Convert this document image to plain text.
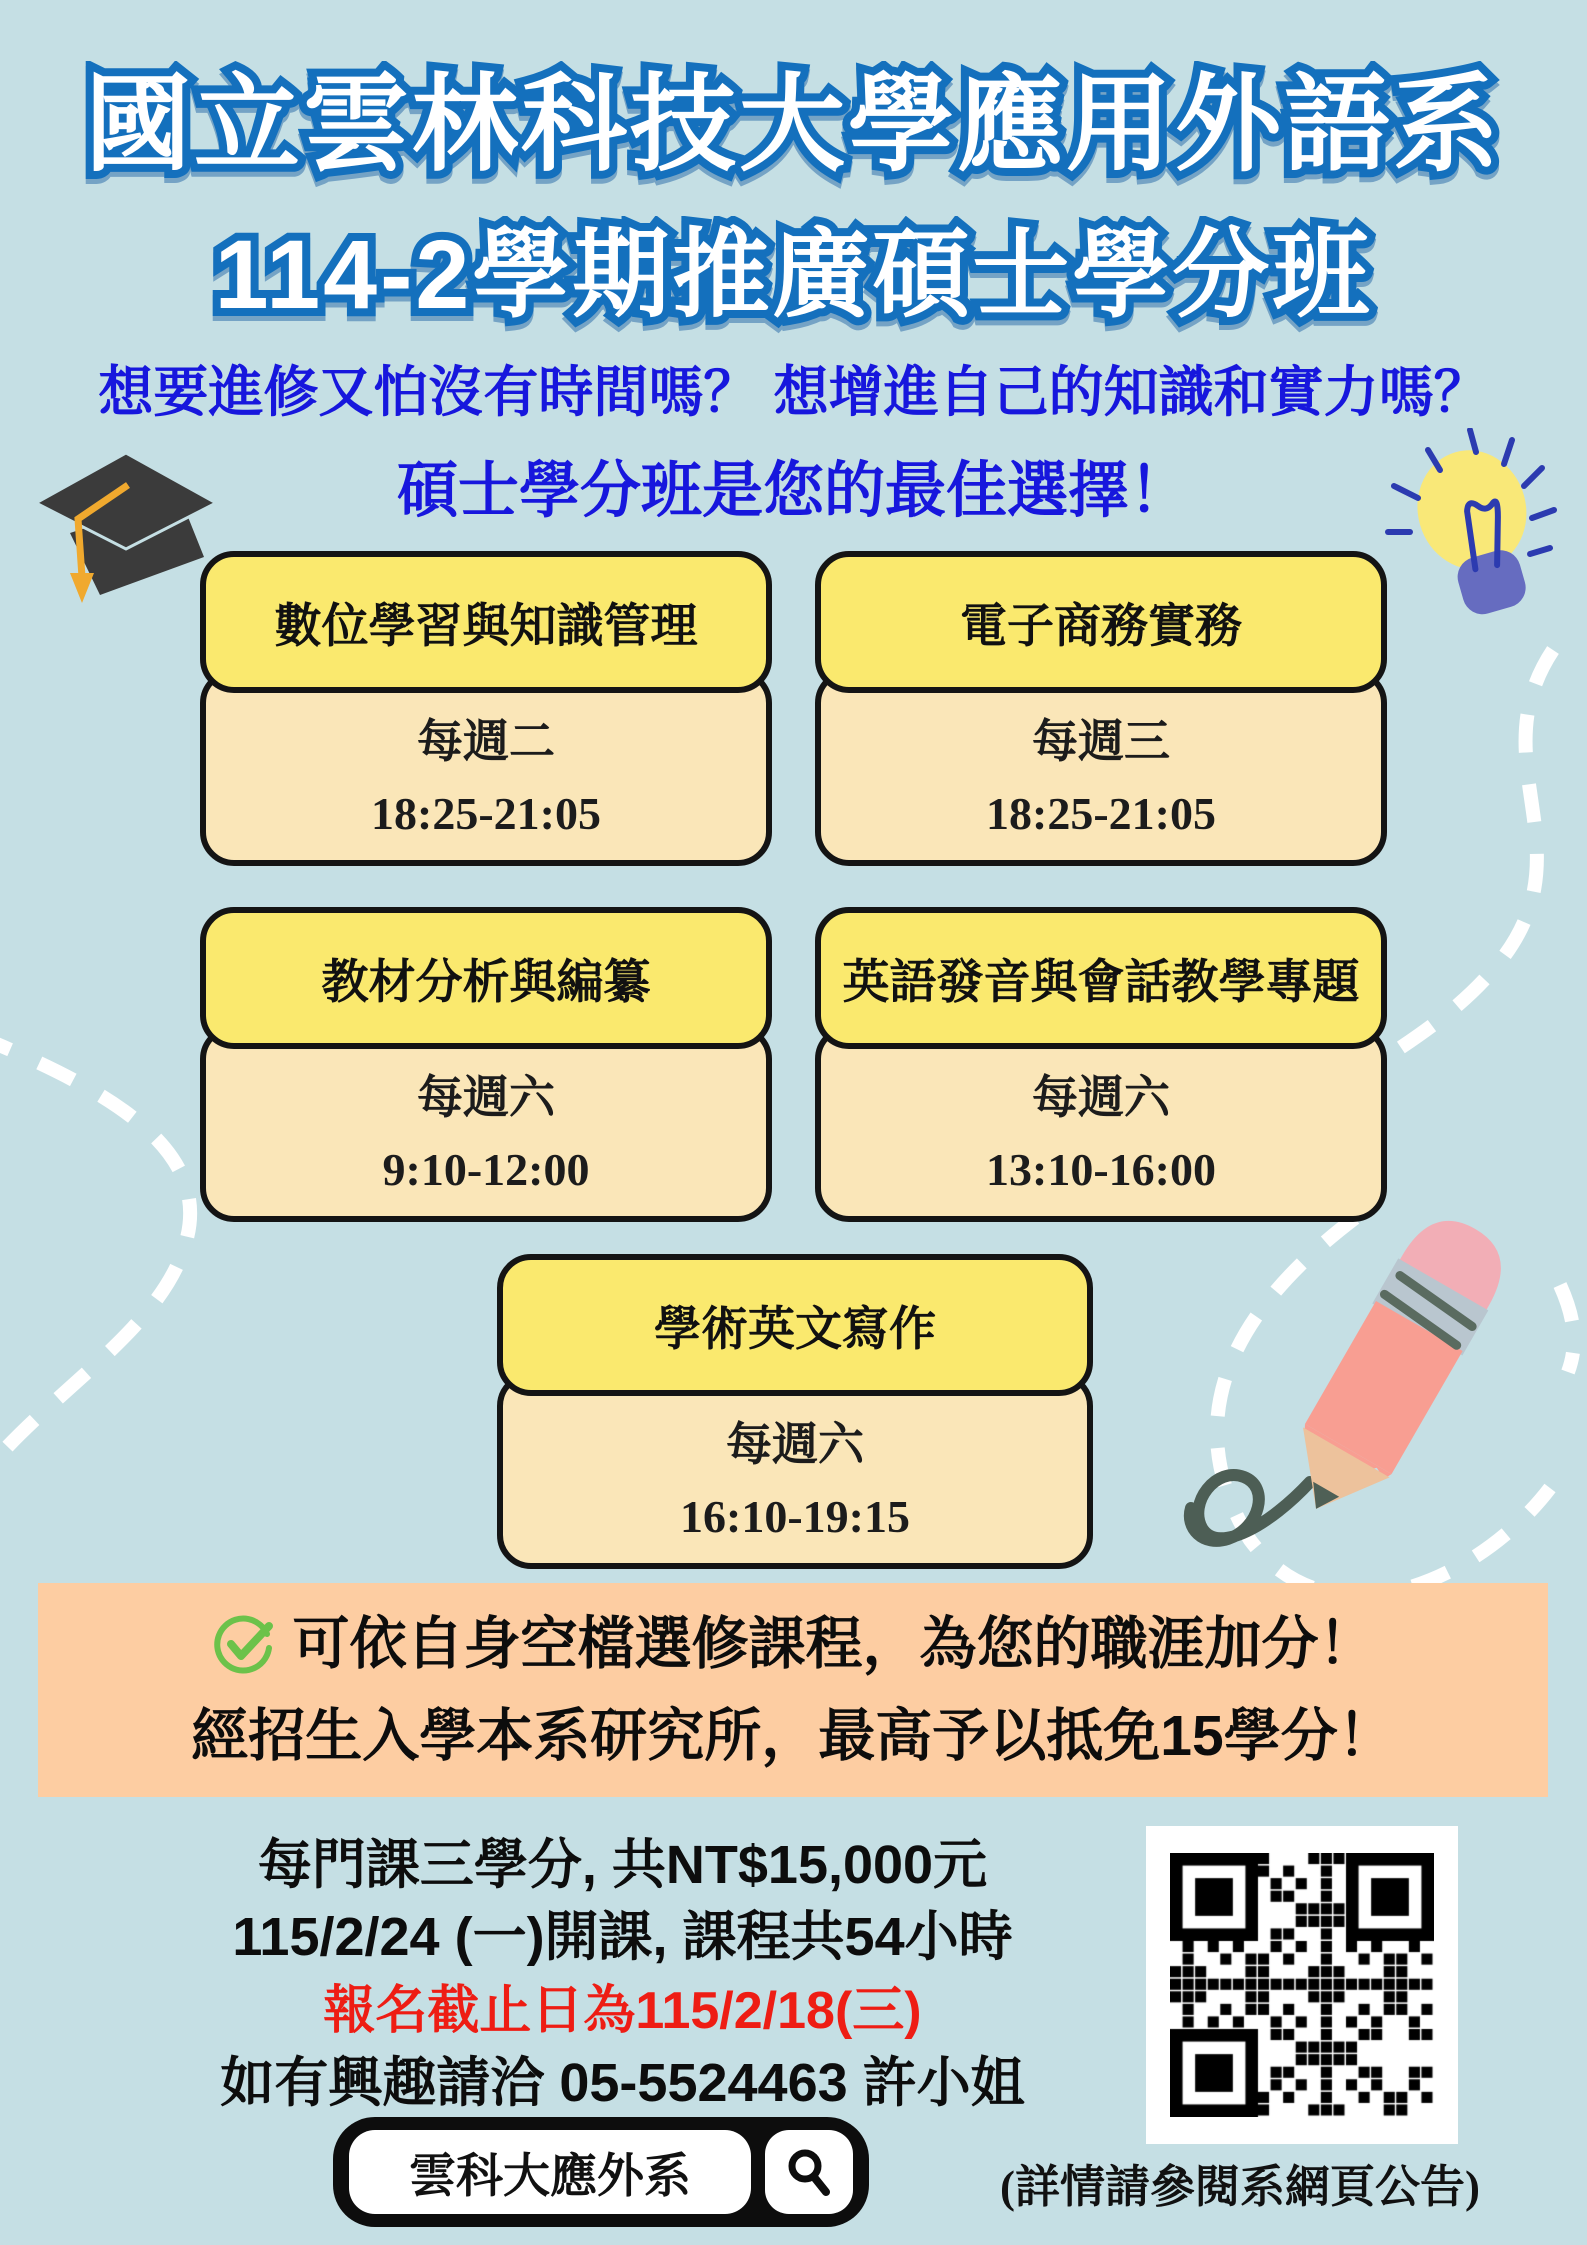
國立雲林科技大學應用外語系
114-2學期推廣碩士學分班
想要進修又怕沒有時間嗎？ 想增進自己的知識和實力嗎？
碩士學分班是您的最佳選擇！
數位學習與知識管理
每週二
18:25-21:05
電子商務實務
每週三
18:25-21:05
教材分析與編纂
每週六
9:10-12:00
英語發音與會話教學專題
每週六
13:10-16:00
學術英文寫作
每週六
16:10-19:15
可依自身空檔選修課程，為您的職涯加分！
經招生入學本系研究所，最高予以抵免15學分！
每門課三學分, 共NT$15,000元
115/2/24 (一)開課, 課程共54小時
報名截止日為115/2/18(三)
如有興趣請洽 05-5524463 許小姐
雲科大應外系	(詳情請參閱系網頁公告)
